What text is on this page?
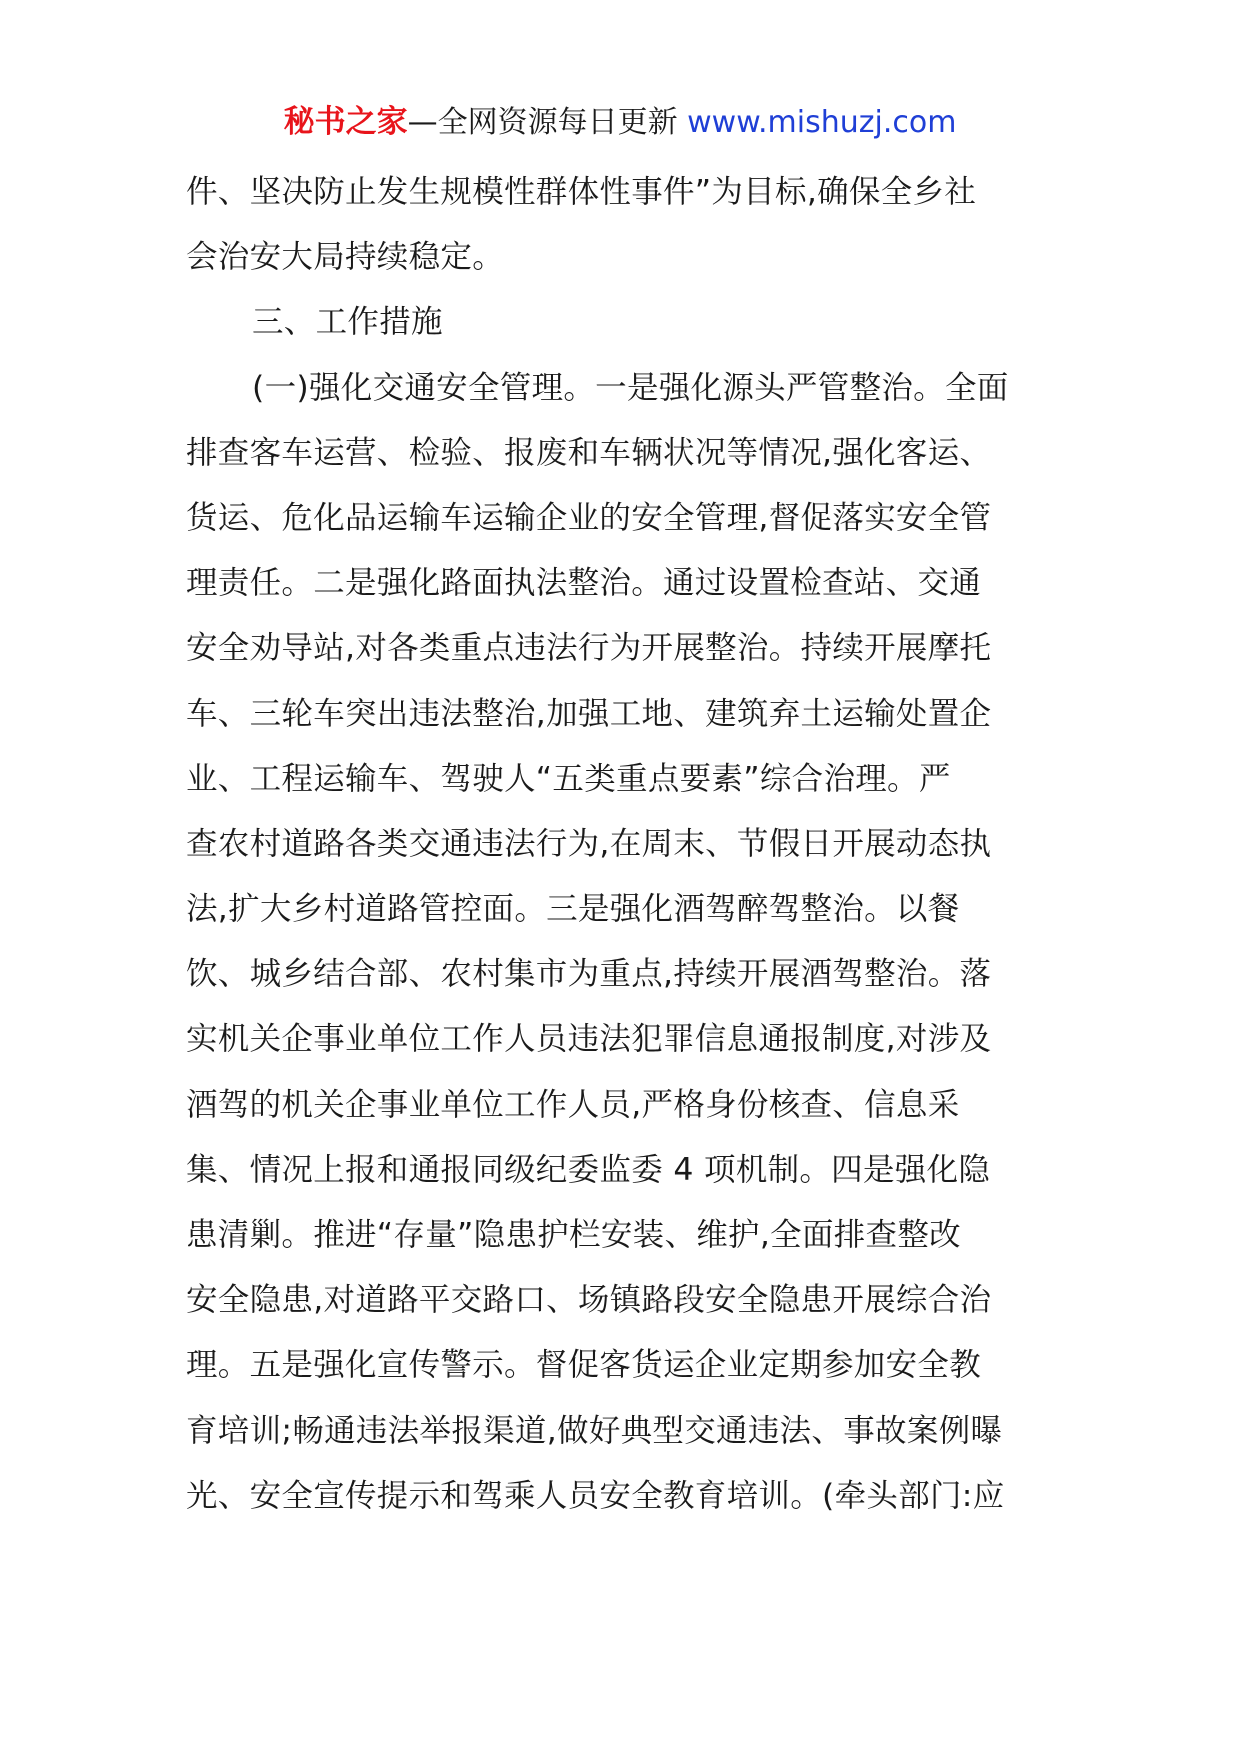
秘书之家—全网资源每日更新 www.mishuzj.com
件、坚决防止发生规模性群体性事件”为目标,确保全乡社
会治安大局持续稳定。
三、工作措施
(一)强化交通安全管理。一是强化源头严管整治。全面
排查客车运营、检验、报废和车辆状况等情况,强化客运、
货运、危化品运输车运输企业的安全管理,督促落实安全管
理责任。二是强化路面执法整治。通过设置检查站、交通
安全劝导站,对各类重点违法行为开展整治。持续开展摩托
车、三轮车突出违法整治,加强工地、建筑弃土运输处置企
业、工程运输车、驾驶人“五类重点要素”综合治理。严
查农村道路各类交通违法行为,在周末、节假日开展动态执
法,扩大乡村道路管控面。三是强化酒驾醉驾整治。以餐
饮、城乡结合部、农村集市为重点,持续开展酒驾整治。落
实机关企事业单位工作人员违法犯罪信息通报制度,对涉及
酒驾的机关企事业单位工作人员,严格身份核查、信息采
集、情况上报和通报同级纪委监委 4 项机制。四是强化隐
患清剿。推进“存量”隐患护栏安装、维护,全面排查整改
安全隐患,对道路平交路口、场镇路段安全隐患开展综合治
理。五是强化宣传警示。督促客货运企业定期参加安全教
育培训;畅通违法举报渠道,做好典型交通违法、事故案例曝
光、安全宣传提示和驾乘人员安全教育培训。(牵头部门:应
